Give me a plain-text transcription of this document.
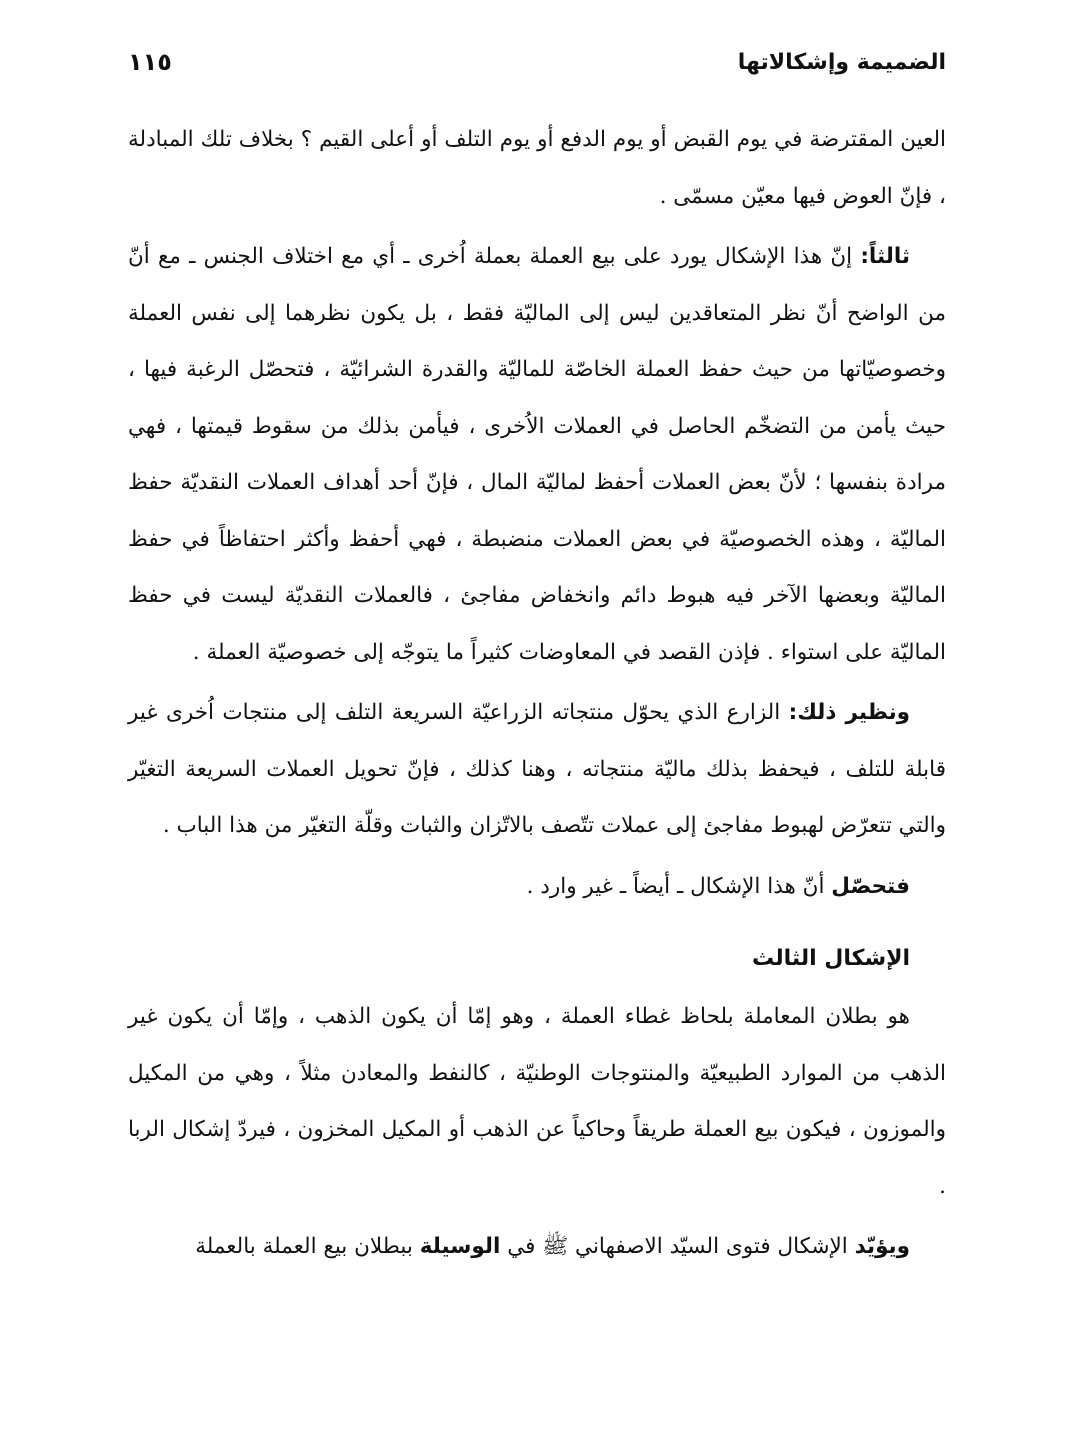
الضميمة وإشكالاتها
١١٥

العين المقترضة في يوم القبض أو يوم الدفع أو يوم التلف أو أعلى القيم ؟ بخلاف تلك المبادلة ، فإنّ العوض فيها معيّن مسمّى .

ثالثاً: إنّ هذا الإشكال يورد على بيع العملة بعملة اُخرى ـ أي مع اختلاف الجنس ـ مع أنّ من الواضح أنّ نظر المتعاقدين ليس إلى الماليّة فقط ، بل يكون نظرهما إلى نفس العملة وخصوصيّاتها من حيث حفظ العملة الخاصّة للماليّة والقدرة الشرائيّة ، فتحصّل الرغبة فيها ، حيث يأمن من التضخّم الحاصل في العملات الاُخرى ، فيأمن بذلك من سقوط قيمتها ، فهي مرادة بنفسها ؛ لأنّ بعض العملات أحفظ لماليّة المال ، فإنّ أحد أهداف العملات النقديّة حفظ الماليّة ، وهذه الخصوصيّة في بعض العملات منضبطة ، فهي أحفظ وأكثر احتفاظاً في حفظ الماليّة وبعضها الآخر فيه هبوط دائم وانخفاض مفاجئ ، فالعملات النقديّة ليست في حفظ الماليّة على استواء . فإذن القصد في المعاوضات كثيراً ما يتوجّه إلى خصوصيّة العملة .

ونظير ذلك: الزارع الذي يحوّل منتجاته الزراعيّة السريعة التلف إلى منتجات اُخرى غير قابلة للتلف ، فيحفظ بذلك ماليّة منتجاته ، وهنا كذلك ، فإنّ تحويل العملات السريعة التغيّر والتي تتعرّض لهبوط مفاجئ إلى عملات تتّصف بالاتّزان والثبات وقلّة التغيّر من هذا الباب .

فتحصّل أنّ هذا الإشكال ـ أيضاً ـ غير وارد .

الإشكال الثالث

هو بطلان المعاملة بلحاظ غطاء العملة ، وهو إمّا أن يكون الذهب ، وإمّا أن يكون غير الذهب من الموارد الطبيعيّة والمنتوجات الوطنيّة ، كالنفط والمعادن مثلاً ، وهي من المكيل والموزون ، فيكون بيع العملة طريقاً وحاكياً عن الذهب أو المكيل المخزون ، فيردّ إشكال الربا .

ويؤيّد الإشكال فتوى السيّد الاصفهاني ﷺ في الوسيلة ببطلان بيع العملة بالعملة
